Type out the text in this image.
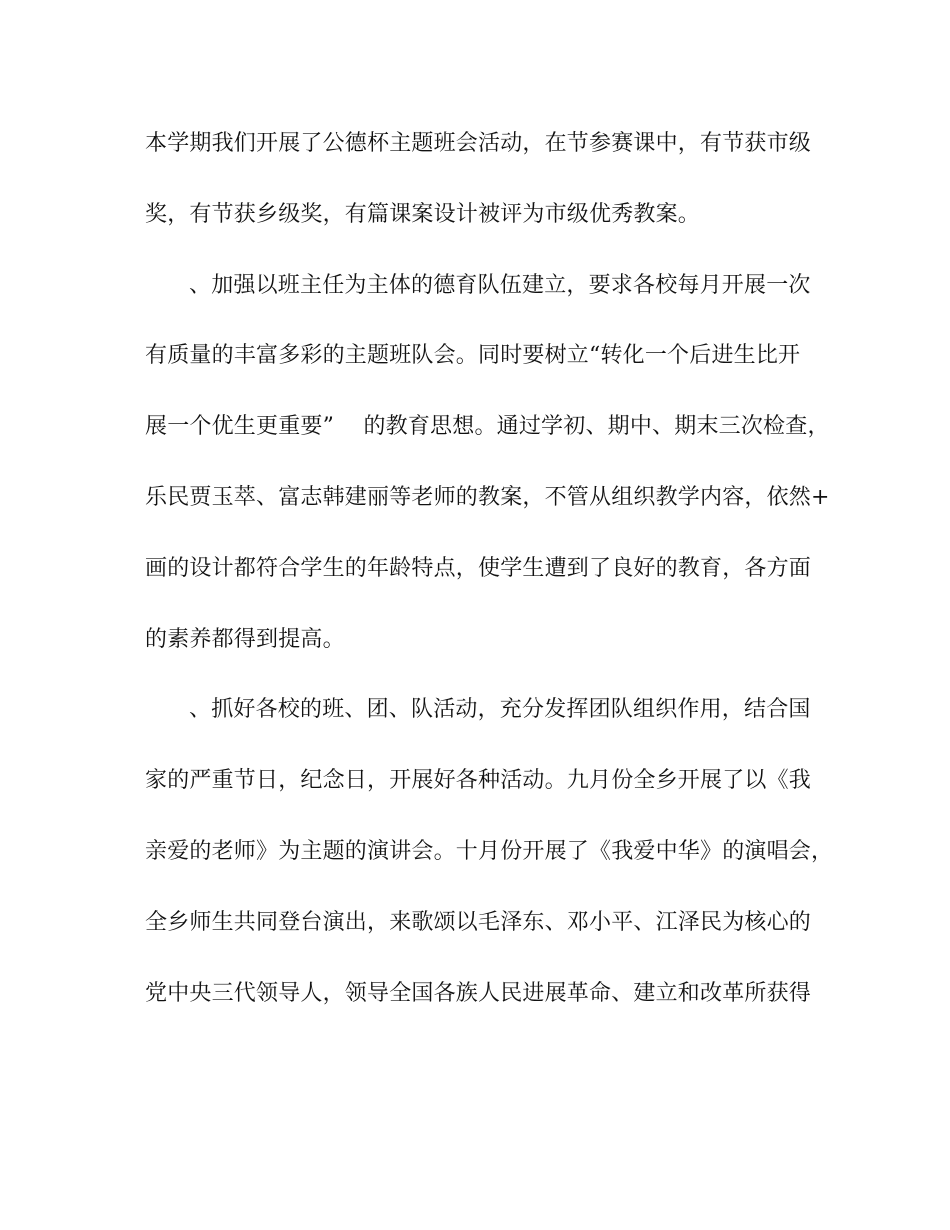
本学期我们开展了公德杯主题班会活动，在节参赛课中，有节获市级
奖，有节获乡级奖，有篇课案设计被评为市级优秀教案。
、加强以班主任为主体的德育队伍建立，要求各校每月开展一次
有质量的丰富多彩的主题班队会。同时要树立“转化一个后进生比开
展一个优生更重要”　 的教育思想。通过学初、期中、期末三次检查，
乐民贾玉萃、富志韩建丽等老师的教案，不管从组织教学内容，依然+
画的设计都符合学生的年龄特点，使学生遭到了良好的教育，各方面
的素养都得到提高。
、抓好各校的班、团、队活动，充分发挥团队组织作用，结合国
家的严重节日，纪念日，开展好各种活动。九月份全乡开展了以《我
亲爱的老师》为主题的演讲会。十月份开展了《我爱中华》的演唱会，
全乡师生共同登台演出，来歌颂以毛泽东、邓小平、江泽民为核心的
党中央三代领导人，领导全国各族人民进展革命、建立和改革所获得
